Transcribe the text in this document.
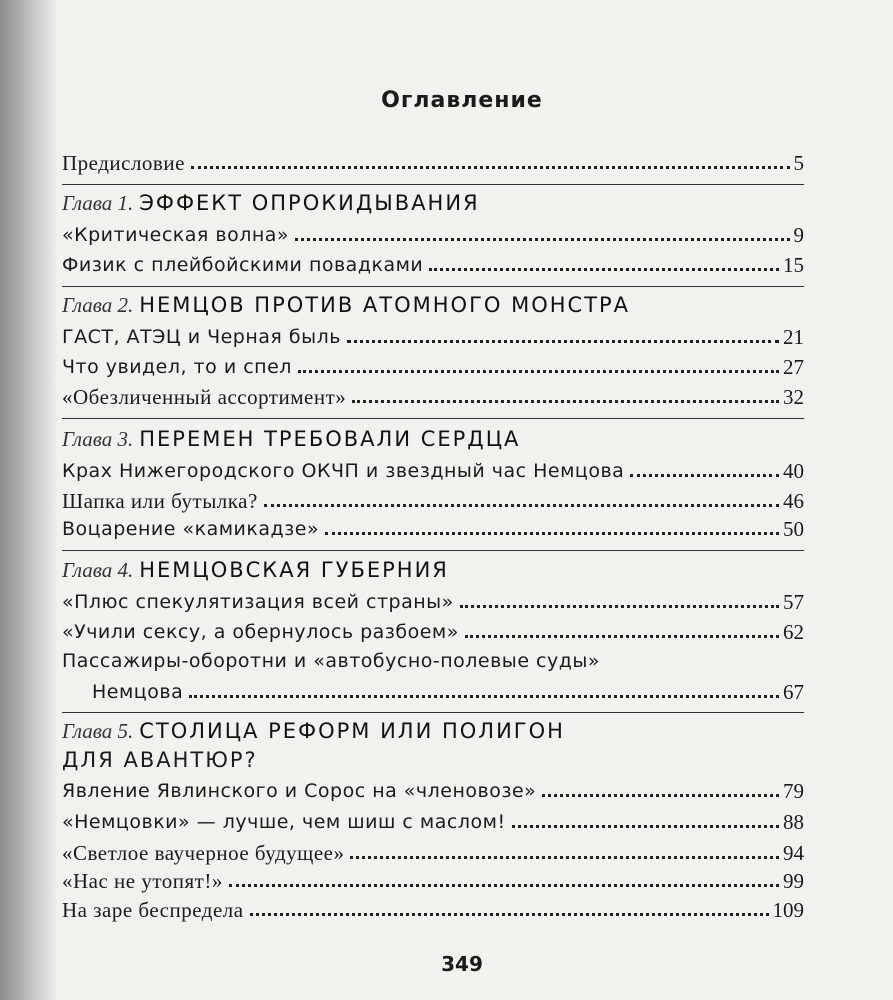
Оглавление
Предисловие	5
Глава 1. ЭФФЕКТ ОПРОКИДЫВАНИЯ
«Критическая волна»	9
Физик с плейбойскими повадками	15
Глава 2. НЕМЦОВ ПРОТИВ АТОМНОГО МОНСТРА
ГАСТ, АТЭЦ и Черная быль	21
Что увидел, то и спел	27
«Обезличенный ассортимент»	32
Глава 3. ПЕРЕМЕН ТРЕБОВАЛИ СЕРДЦА
Крах Нижегородского ОКЧП и звездный час Немцова	40
Шапка или бутылка?	46
Воцарение «камикадзе»	50
Глава 4. НЕМЦОВСКАЯ ГУБЕРНИЯ
«Плюс спекулятизация всей страны»	57
«Учили сексу, а обернулось разбоем»	62
Пассажиры-оборотни и «автобусно-полевые суды»
Немцова	67
Глава 5. СТОЛИЦА РЕФОРМ ИЛИ ПОЛИГОН
ДЛЯ АВАНТЮР?
Явление Явлинского и Сорос на «членовозе»	79
«Немцовки» — лучше, чем шиш с маслом!	88
«Светлое ваучерное будущее»	94
«Нас не утопят!»	99
На заре беспредела	109
349
